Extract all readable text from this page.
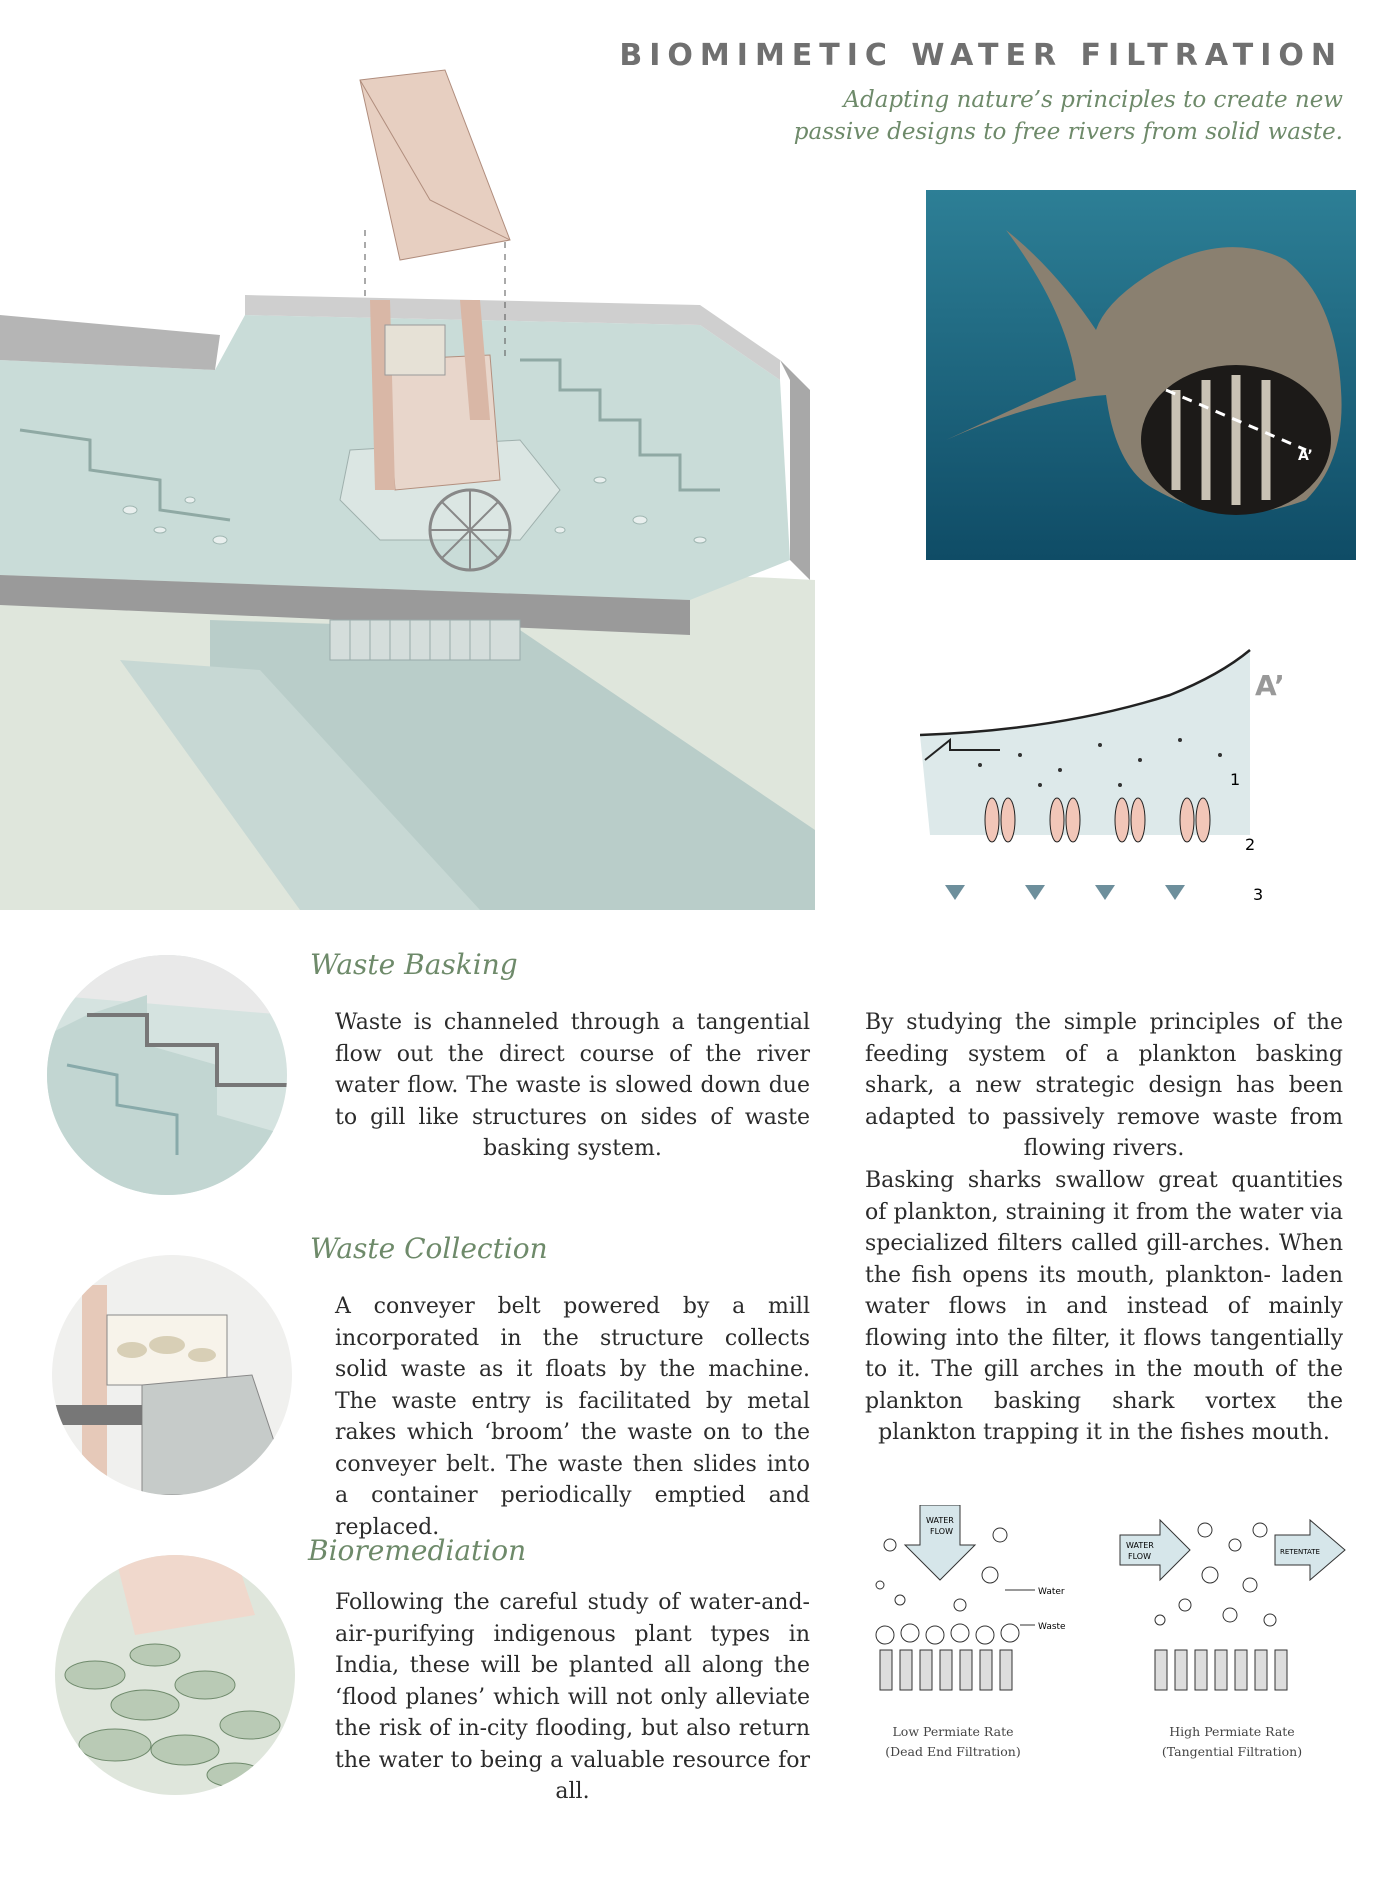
BIOMIMETIC WATER FILTRATION
Adapting nature’s principles to create new
passive designs to free rivers from solid waste.
A’
A’
1
2
3
Waste Basking
Waste is channeled through a tangential flow out the direct course of the river water flow. The waste is slowed down due to gill like structures on sides of waste basking system.
Waste Collection
A conveyer belt powered by a mill incorporated in the structure collects solid waste as it floats by the machine. The waste entry is facilitated by metal rakes which ‘broom’ the waste on to the conveyer belt. The waste then slides into a container periodically emptied and replaced.
Bioremediation
Following the careful study of water-and-air-purifying indigenous plant types in India, these will be planted all along the ‘flood planes’ which will not only alleviate the risk of in-city flooding, but also return the water to being a valuable resource for all.
By studying the simple principles of the feeding system of a plankton basking shark, a new strategic design has been adapted to passively remove waste from flowing rivers.
Basking sharks swallow great quantities of plankton, straining it from the water via specialized filters called gill-arches. When the fish opens its mouth, plankton- laden water flows in and instead of mainly flowing into the filter, it flows tangentially to it. The gill arches in the mouth of the plankton basking shark vortex the plankton trapping it in the fishes mouth.
WATER
FLOW
Water
Waste
WATER
FLOW	RETENTATE
Low Permiate Rate
(Dead End Filtration)
High Permiate Rate
(Tangential Filtration)
